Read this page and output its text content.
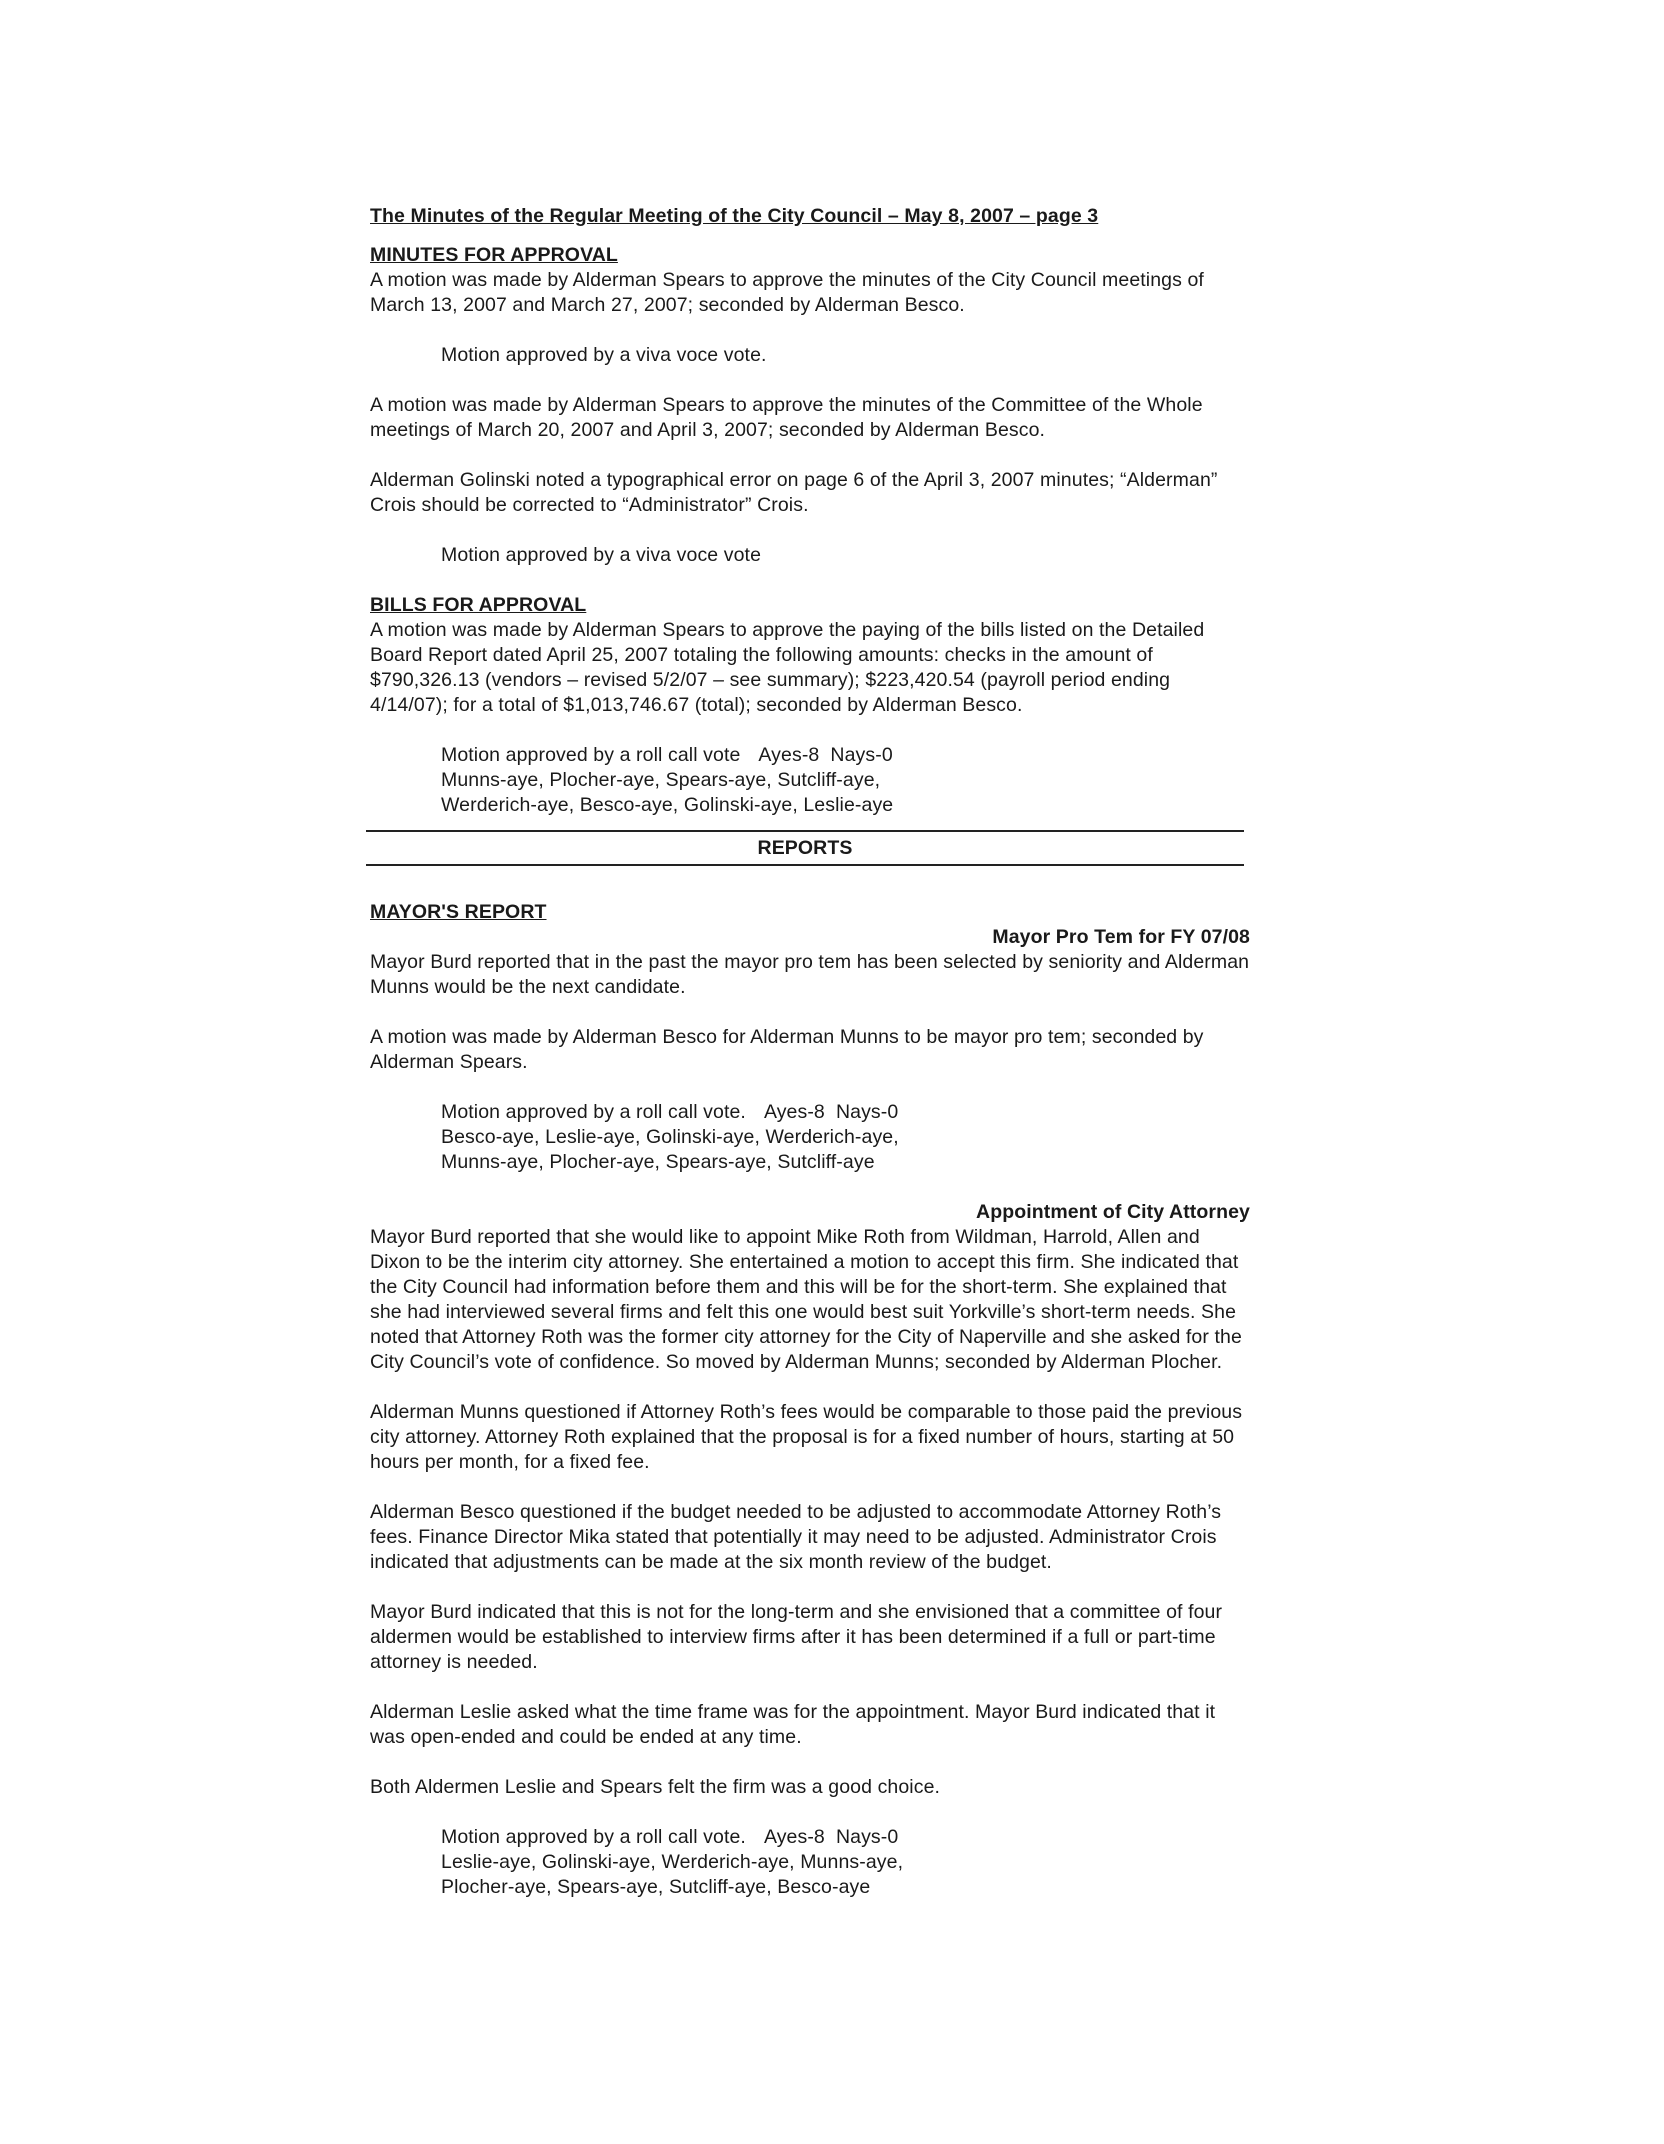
The Minutes of the Regular Meeting of the City Council – May 8, 2007 – page 3

MINUTES FOR APPROVAL

A motion was made by Alderman Spears to approve the minutes of the City Council meetings of March 13, 2007 and March 27, 2007; seconded by Alderman Besco.

Motion approved by a viva voce vote.

A motion was made by Alderman Spears to approve the minutes of the Committee of the Whole meetings of March 20, 2007 and April 3, 2007; seconded by Alderman Besco.

Alderman Golinski noted a typographical error on page 6 of the April 3, 2007 minutes; “Alderman” Crois should be corrected to “Administrator” Crois.

Motion approved by a viva voce vote

BILLS FOR APPROVAL

A motion was made by Alderman Spears to approve the paying of the bills listed on the Detailed Board Report dated April 25, 2007 totaling the following amounts: checks in the amount of $790,326.13 (vendors – revised 5/2/07 – see summary); $223,420.54 (payroll period ending 4/14/07); for a total of $1,013,746.67 (total); seconded by Alderman Besco.

Motion approved by a roll call vote Ayes-8 Nays-0

Munns-aye, Plocher-aye, Spears-aye, Sutcliff-aye,

Werderich-aye, Besco-aye, Golinski-aye, Leslie-aye

REPORTS

MAYOR'S REPORT

Mayor Pro Tem for FY 07/08

Mayor Burd reported that in the past the mayor pro tem has been selected by seniority and Alderman Munns would be the next candidate.

A motion was made by Alderman Besco for Alderman Munns to be mayor pro tem; seconded by Alderman Spears.

Motion approved by a roll call vote. Ayes-8 Nays-0

Besco-aye, Leslie-aye, Golinski-aye, Werderich-aye,

Munns-aye, Plocher-aye, Spears-aye, Sutcliff-aye

Appointment of City Attorney

Mayor Burd reported that she would like to appoint Mike Roth from Wildman, Harrold, Allen and Dixon to be the interim city attorney. She entertained a motion to accept this firm. She indicated that the City Council had information before them and this will be for the short-term. She explained that she had interviewed several firms and felt this one would best suit Yorkville’s short-term needs. She noted that Attorney Roth was the former city attorney for the City of Naperville and she asked for the City Council’s vote of confidence. So moved by Alderman Munns; seconded by Alderman Plocher.

Alderman Munns questioned if Attorney Roth’s fees would be comparable to those paid the previous city attorney. Attorney Roth explained that the proposal is for a fixed number of hours, starting at 50 hours per month, for a fixed fee.

Alderman Besco questioned if the budget needed to be adjusted to accommodate Attorney Roth’s fees. Finance Director Mika stated that potentially it may need to be adjusted. Administrator Crois indicated that adjustments can be made at the six month review of the budget.

Mayor Burd indicated that this is not for the long-term and she envisioned that a committee of four aldermen would be established to interview firms after it has been determined if a full or part-time attorney is needed.

Alderman Leslie asked what the time frame was for the appointment. Mayor Burd indicated that it was open-ended and could be ended at any time.

Both Aldermen Leslie and Spears felt the firm was a good choice.

Motion approved by a roll call vote. Ayes-8 Nays-0

Leslie-aye, Golinski-aye, Werderich-aye, Munns-aye,

Plocher-aye, Spears-aye, Sutcliff-aye, Besco-aye
